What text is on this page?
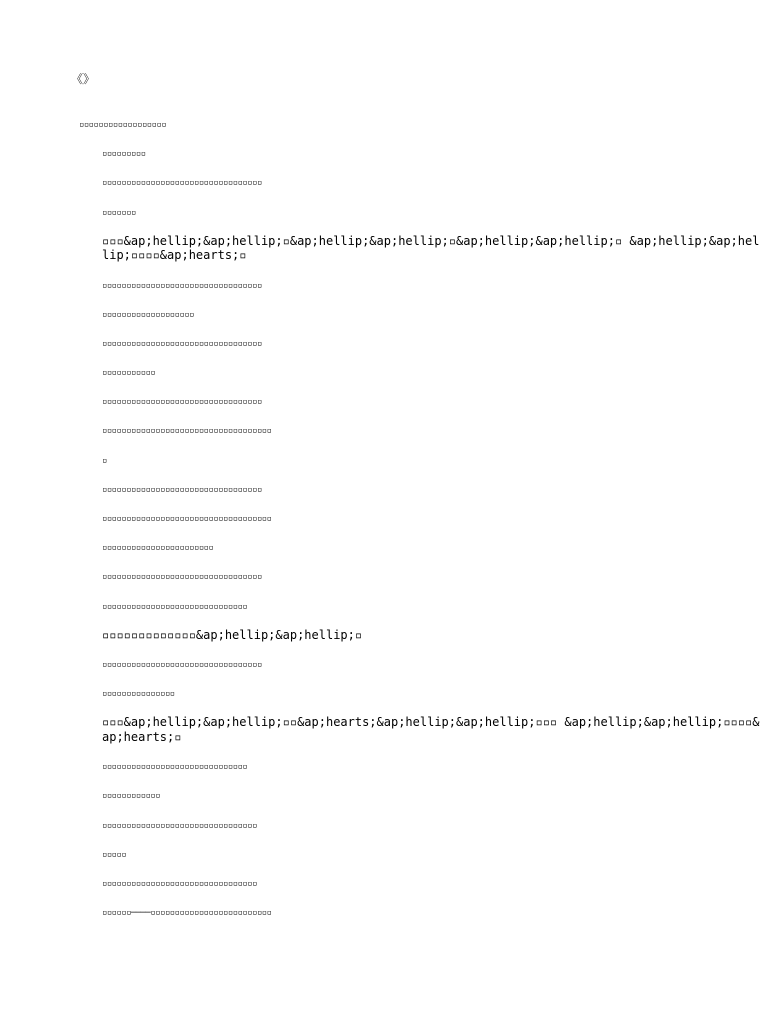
《》
▫▫▫▫▫▫▫▫▫▫▫▫▫▫▫▫▫▫
▫▫▫▫▫▫▫▫▫
▫▫▫▫▫▫▫▫▫▫▫▫▫▫▫▫▫▫▫▫▫▫▫▫▫▫▫▫▫▫▫▫▫
▫▫▫▫▫▫▫
▫▫▫&ap;hellip;&ap;hellip;▫&ap;hellip;&ap;hellip;▫&ap;hellip;&ap;hellip;▫ &ap;hellip;&ap;hellip;▫▫▫▫&ap;hearts;▫
▫▫▫▫▫▫▫▫▫▫▫▫▫▫▫▫▫▫▫▫▫▫▫▫▫▫▫▫▫▫▫▫▫
▫▫▫▫▫▫▫▫▫▫▫▫▫▫▫▫▫▫▫
▫▫▫▫▫▫▫▫▫▫▫▫▫▫▫▫▫▫▫▫▫▫▫▫▫▫▫▫▫▫▫▫▫
▫▫▫▫▫▫▫▫▫▫▫
▫▫▫▫▫▫▫▫▫▫▫▫▫▫▫▫▫▫▫▫▫▫▫▫▫▫▫▫▫▫▫▫▫
▫▫▫▫▫▫▫▫▫▫▫▫▫▫▫▫▫▫▫▫▫▫▫▫▫▫▫▫▫▫▫▫▫▫▫
▫
▫▫▫▫▫▫▫▫▫▫▫▫▫▫▫▫▫▫▫▫▫▫▫▫▫▫▫▫▫▫▫▫▫
▫▫▫▫▫▫▫▫▫▫▫▫▫▫▫▫▫▫▫▫▫▫▫▫▫▫▫▫▫▫▫▫▫▫▫
▫▫▫▫▫▫▫▫▫▫▫▫▫▫▫▫▫▫▫▫▫▫▫
▫▫▫▫▫▫▫▫▫▫▫▫▫▫▫▫▫▫▫▫▫▫▫▫▫▫▫▫▫▫▫▫▫
▫▫▫▫▫▫▫▫▫▫▫▫▫▫▫▫▫▫▫▫▫▫▫▫▫▫▫▫▫▫
▫▫▫▫▫▫▫▫▫▫▫▫▫&ap;hellip;&ap;hellip;▫
▫▫▫▫▫▫▫▫▫▫▫▫▫▫▫▫▫▫▫▫▫▫▫▫▫▫▫▫▫▫▫▫▫
▫▫▫▫▫▫▫▫▫▫▫▫▫▫▫
▫▫▫&ap;hellip;&ap;hellip;▫▫&ap;hearts;&ap;hellip;&ap;hellip;▫▫▫ &ap;hellip;&ap;hellip;▫▫▫▫&ap;hearts;▫
▫▫▫▫▫▫▫▫▫▫▫▫▫▫▫▫▫▫▫▫▫▫▫▫▫▫▫▫▫▫
▫▫▫▫▫▫▫▫▫▫▫▫
▫▫▫▫▫▫▫▫▫▫▫▫▫▫▫▫▫▫▫▫▫▫▫▫▫▫▫▫▫▫▫▫
▫▫▫▫▫
▫▫▫▫▫▫▫▫▫▫▫▫▫▫▫▫▫▫▫▫▫▫▫▫▫▫▫▫▫▫▫▫
▫▫▫▫▫▫────▫▫▫▫▫▫▫▫▫▫▫▫▫▫▫▫▫▫▫▫▫▫▫▫▫
